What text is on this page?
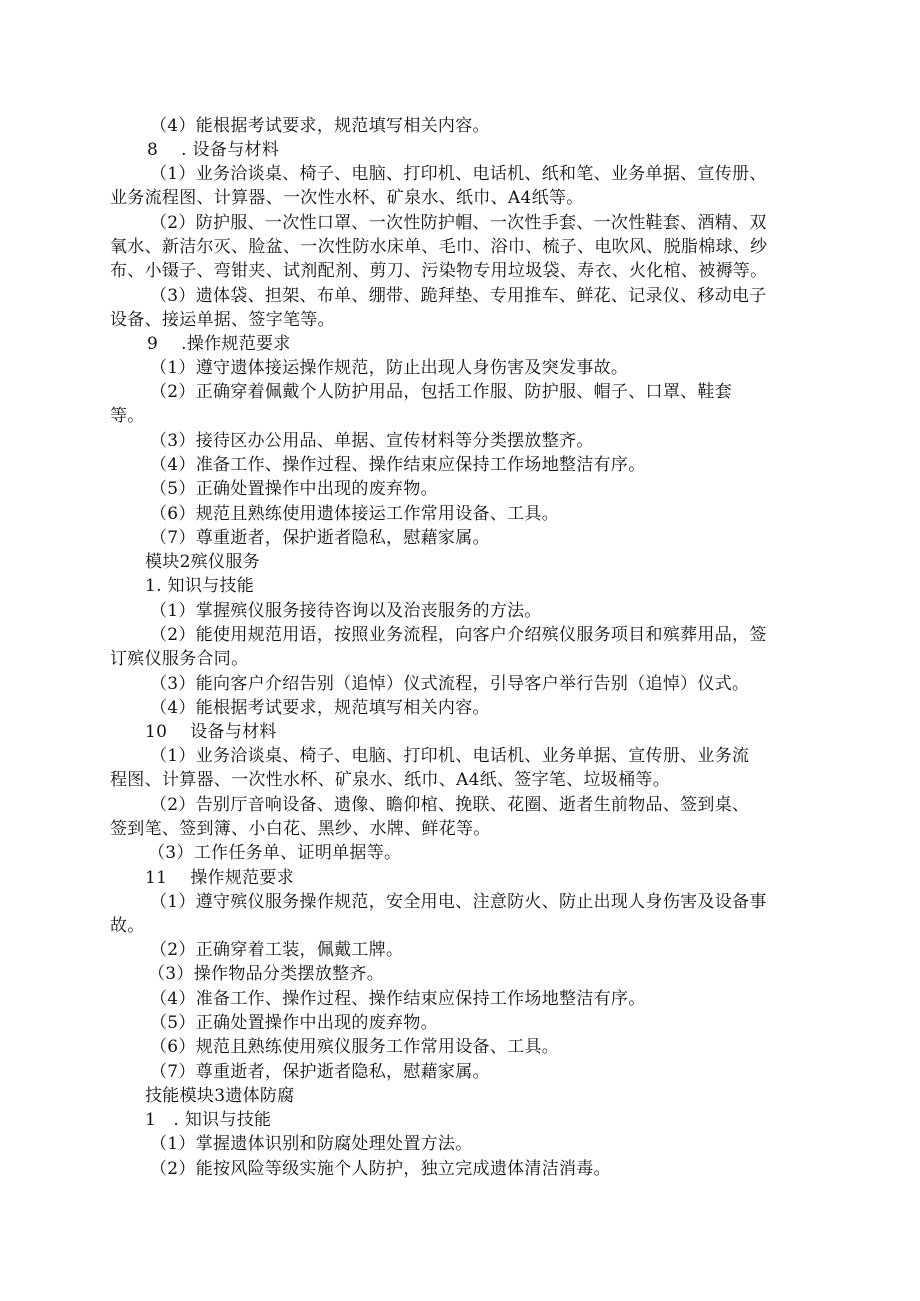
（4）能根据考试要求，规范填写相关内容。
8　 . 设备与材料
（1）业务洽谈桌、椅子、电脑、打印机、电话机、纸和笔、业务单据、宣传册、
业务流程图、计算器、一次性水杯、矿泉水、纸巾、A4纸等。
（2）防护服、一次性口罩、一次性防护帽、一次性手套、一次性鞋套、酒精、双
氧水、新洁尔灭、脸盆、一次性防水床单、毛巾、浴巾、梳子、电吹风、脱脂棉球、纱
布、小镊子、弯钳夹、试剂配剂、剪刀、污染物专用垃圾袋、寿衣、火化棺、被褥等。
（3）遗体袋、担架、布单、绷带、跪拜垫、专用推车、鲜花、记录仪、移动电子
设备、接运单据、签字笔等。
9　 .操作规范要求
（1）遵守遗体接运操作规范，防止出现人身伤害及突发事故。
（2）正确穿着佩戴个人防护用品，包括工作服、防护服、帽子、口罩、鞋套
等。
（3）接待区办公用品、单据、宣传材料等分类摆放整齐。
（4）准备工作、操作过程、操作结束应保持工作场地整洁有序。
（5）正确处置操作中出现的废弃物。
（6）规范且熟练使用遗体接运工作常用设备、工具。
（7）尊重逝者，保护逝者隐私，慰藉家属。
模块2殡仪服务
1. 知识与技能
（1）掌握殡仪服务接待咨询以及治丧服务的方法。
（2）能使用规范用语，按照业务流程，向客户介绍殡仪服务项目和殡葬用品，签
订殡仪服务合同。
（3）能向客户介绍告别（追悼）仪式流程，引导客户举行告别（追悼）仪式。
（4）能根据考试要求，规范填写相关内容。
10　 设备与材料
（1）业务洽谈桌、椅子、电脑、打印机、电话机、业务单据、宣传册、业务流
程图、计算器、一次性水杯、矿泉水、纸巾、A4纸、签字笔、垃圾桶等。
（2）告别厅音响设备、遗像、瞻仰棺、挽联、花圈、逝者生前物品、签到桌、
签到笔、签到簿、小白花、黑纱、水牌、鲜花等。
（3）工作任务单、证明单据等。
11　 操作规范要求
（1）遵守殡仪服务操作规范，安全用电、注意防火、防止出现人身伤害及设备事
故。
（2）正确穿着工装，佩戴工牌。
（3）操作物品分类摆放整齐。
（4）准备工作、操作过程、操作结束应保持工作场地整洁有序。
（5）正确处置操作中出现的废弃物。
（6）规范且熟练使用殡仪服务工作常用设备、工具。
（7）尊重逝者，保护逝者隐私，慰藉家属。
技能模块3遗体防腐
1　. 知识与技能
（1）掌握遗体识别和防腐处理处置方法。
（2）能按风险等级实施个人防护，独立完成遗体清洁消毒。
